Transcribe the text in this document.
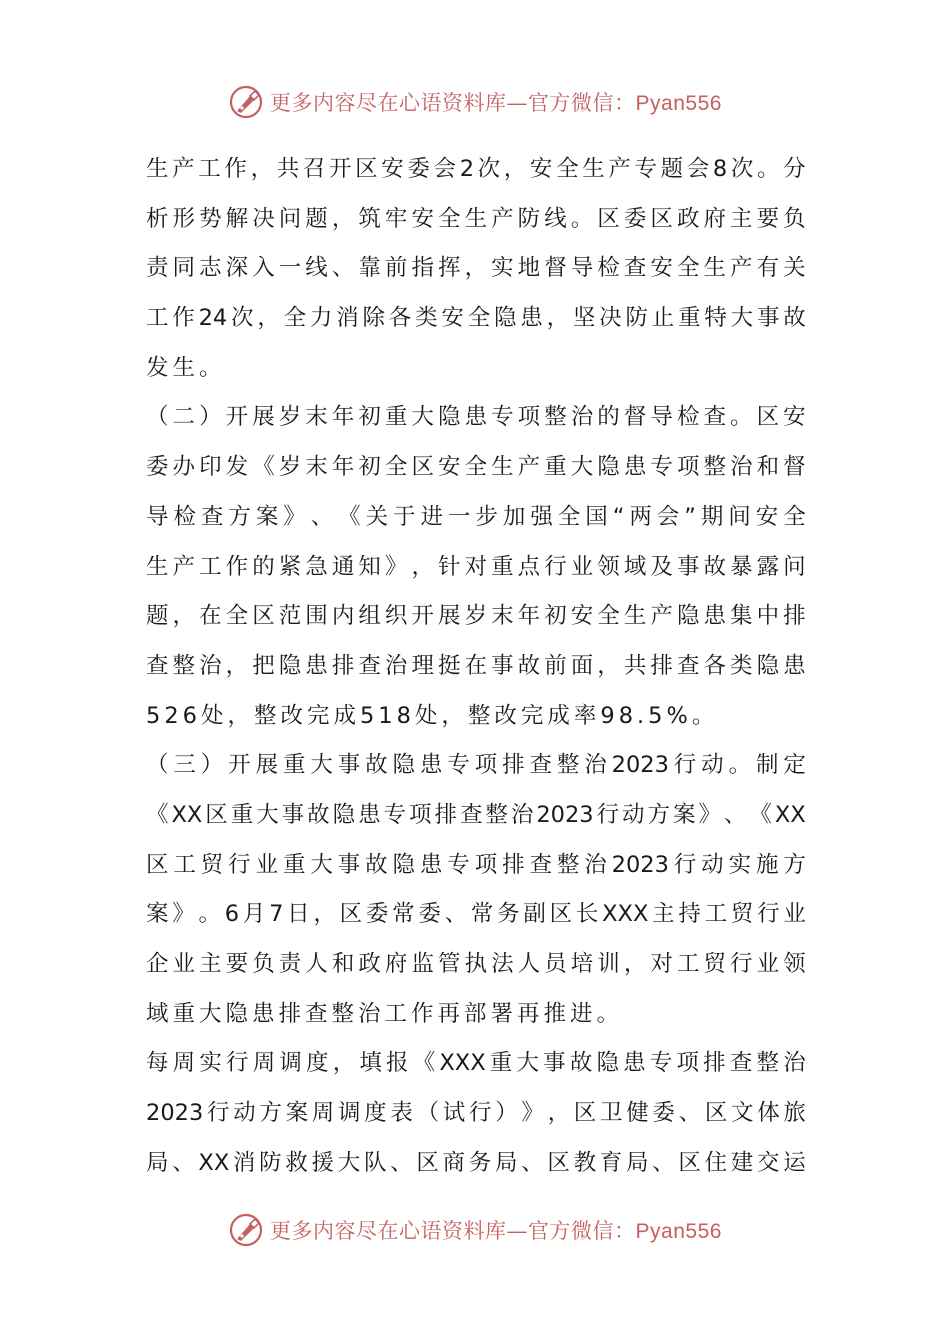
更多内容尽在心语资料库—官方微信：Pyan556
生 产 工 作 ， 共 召 开 区 安 委 会 2 次 ， 安 全 生 产 专 题 会 8 次 。 分
析 形 势 解 决 问 题 ， 筑 牢 安 全 生 产 防 线 。 区 委 区 政 府 主 要 负
责 同 志 深 入 一 线 、 靠 前 指 挥 ， 实 地 督 导 检 查 安 全 生 产 有 关
工 作 24 次 ， 全 力 消 除 各 类 安 全 隐 患 ， 坚 决 防 止 重 特 大 事 故
发生。
（ 二 ） 开 展 岁 末 年 初 重 大 隐 患 专 项 整 治 的 督 导 检 查 。 区 安
委 办 印 发 《 岁 末 年 初 全 区 安 全 生 产 重 大 隐 患 专 项 整 治 和 督
导 检 查 方 案 》 、 《 关 于 进 一 步 加 强 全 国 “ 两 会 ” 期 间 安 全
生 产 工 作 的 紧 急 通 知 》 ， 针 对 重 点 行 业 领 域 及 事 故 暴 露 问
题 ， 在 全 区 范 围 内 组 织 开 展 岁 末 年 初 安 全 生 产 隐 患 集 中 排
查 整 治 ， 把 隐 患 排 查 治 理 挺 在 事 故 前 面 ， 共 排 查 各 类 隐 患
526处，整改完成518处，整改完成率98.5%。
（ 三 ） 开 展 重 大 事 故 隐 患 专 项 排 查 整 治 2023 行 动 。 制 定
《 XX 区 重 大 事 故 隐 患 专 项 排 查 整 治 2023 行 动 方 案 》 、 《 XX
区 工 贸 行 业 重 大 事 故 隐 患 专 项 排 查 整 治 2023 行 动 实 施 方
案 》 。 6 月 7 日 ， 区 委 常 委 、 常 务 副 区 长 XXX 主 持 工 贸 行 业
企 业 主 要 负 责 人 和 政 府 监 管 执 法 人 员 培 训 ， 对 工 贸 行 业 领
域重大隐患排查整治工作再部署再推进。
每 周 实 行 周 调 度 ， 填 报 《 XXX 重 大 事 故 隐 患 专 项 排 查 整 治
2023 行 动 方 案 周 调 度 表 （ 试 行 ） 》 ， 区 卫 健 委 、 区 文 体 旅
局 、 XX 消 防 救 援 大 队 、 区 商 务 局 、 区 教 育 局 、 区 住 建 交 运
更多内容尽在心语资料库—官方微信：Pyan556
